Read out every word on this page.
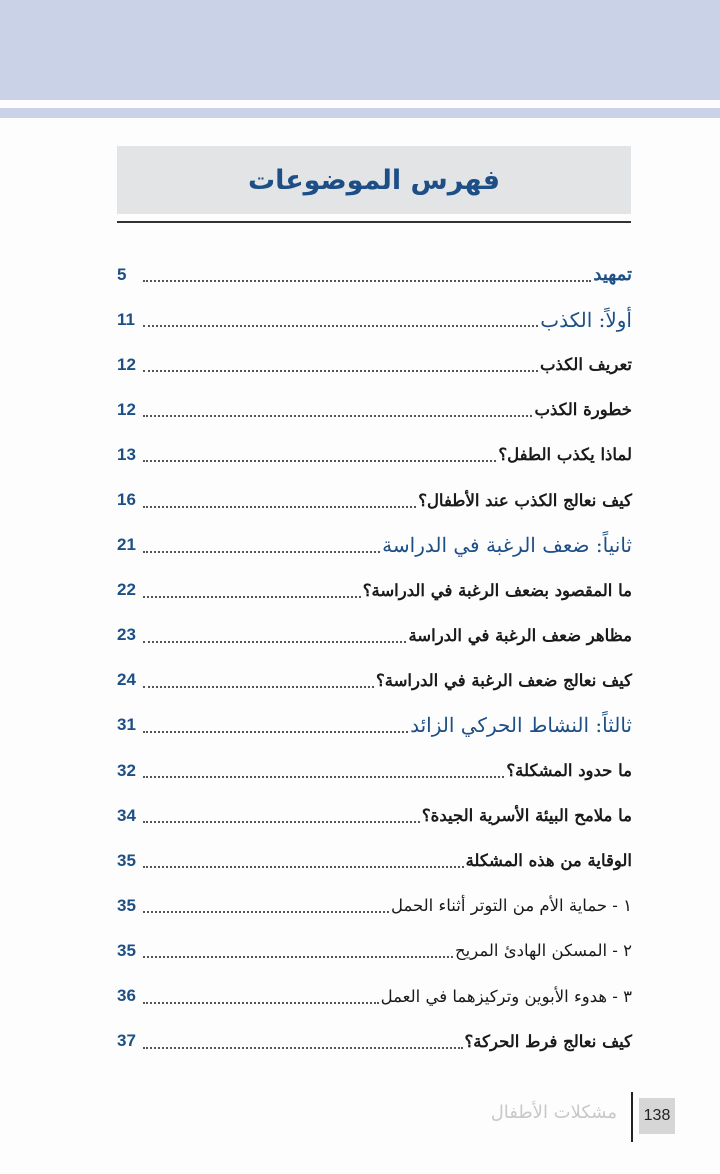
فهرس الموضوعات
تمهيد
5
أولاً: الكذب
11
تعريف الكذب
12
خطورة الكذب
12
لماذا يكذب الطفل؟
13
كيف نعالج الكذب عند الأطفال؟
16
ثانياً: ضعف الرغبة في الدراسة
21
ما المقصود بضعف الرغبة في الدراسة؟
22
مظاهر ضعف الرغبة في الدراسة
23
كيف نعالج ضعف الرغبة في الدراسة؟
24
ثالثاً: النشاط الحركي الزائد
31
ما حدود المشكلة؟
32
ما ملامح البيئة الأسرية الجيدة؟
34
الوقاية من هذه المشكلة
35
١ - حماية الأم من التوتر أثناء الحمل
35
٢ - المسكن الهادئ المريح
35
٣ - هدوء الأبوين وتركيزهما في العمل
36
كيف نعالج فرط الحركة؟
37
138
مشكلات الأطفال
